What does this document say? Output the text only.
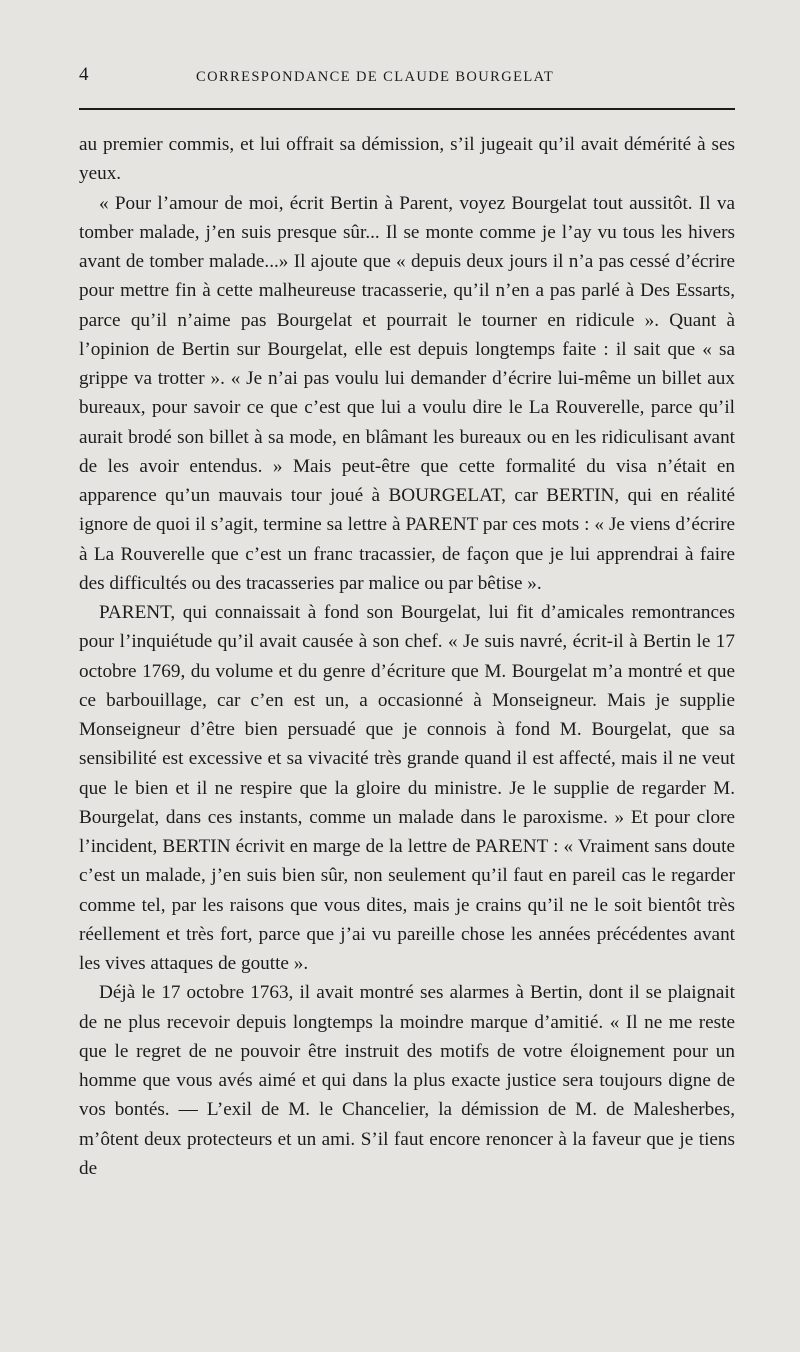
4	CORRESPONDANCE DE CLAUDE BOURGELAT

au premier commis, et lui offrait sa démission, s’il jugeait qu’il avait démérité à ses yeux.

« Pour l’amour de moi, écrit Bertin à Parent, voyez Bourgelat tout aussitôt. Il va tomber malade, j’en suis presque sûr... Il se monte comme je l’ay vu tous les hivers avant de tomber malade...» Il ajoute que « depuis deux jours il n’a pas cessé d’écrire pour mettre fin à cette malheureuse tracasserie, qu’il n’en a pas parlé à Des Essarts, parce qu’il n’aime pas Bourgelat et pourrait le tourner en ridicule ». Quant à l’opinion de Bertin sur Bourgelat, elle est depuis longtemps faite : il sait que « sa grippe va trotter ». « Je n’ai pas voulu lui demander d’écrire lui-même un billet aux bureaux, pour savoir ce que c’est que lui a voulu dire le La Rouverelle, parce qu’il aurait brodé son billet à sa mode, en blâmant les bureaux ou en les ridiculisant avant de les avoir entendus. » Mais peut-être que cette formalité du visa n’était en apparence qu’un mauvais tour joué à BOURGELAT, car BERTIN, qui en réalité ignore de quoi il s’agit, termine sa lettre à PARENT par ces mots : « Je viens d’écrire à La Rouverelle que c’est un franc tracassier, de façon que je lui apprendrai à faire des difficultés ou des tracasseries par malice ou par bêtise ».

PARENT, qui connaissait à fond son Bourgelat, lui fit d’amicales remontrances pour l’inquiétude qu’il avait causée à son chef. « Je suis navré, écrit-il à Bertin le 17 octobre 1769, du volume et du genre d’écriture que M. Bourgelat m’a montré et que ce barbouillage, car c’en est un, a occasionné à Monseigneur. Mais je supplie Monseigneur d’être bien persuadé que je connois à fond M. Bourgelat, que sa sensibilité est excessive et sa vivacité très grande quand il est affecté, mais il ne veut que le bien et il ne respire que la gloire du ministre. Je le supplie de regarder M. Bourgelat, dans ces instants, comme un malade dans le paroxisme. » Et pour clore l’incident, BERTIN écrivit en marge de la lettre de PARENT : « Vraiment sans doute c’est un malade, j’en suis bien sûr, non seulement qu’il faut en pareil cas le regarder comme tel, par les raisons que vous dites, mais je crains qu’il ne le soit bientôt très réellement et très fort, parce que j’ai vu pareille chose les années précédentes avant les vives attaques de goutte ».

Déjà le 17 octobre 1763, il avait montré ses alarmes à Bertin, dont il se plaignait de ne plus recevoir depuis longtemps la moindre marque d’amitié. « Il ne me reste que le regret de ne pouvoir être instruit des motifs de votre éloignement pour un homme que vous avés aimé et qui dans la plus exacte justice sera toujours digne de vos bontés. — L’exil de M. le Chancelier, la démission de M. de Malesherbes, m’ôtent deux protecteurs et un ami. S’il faut encore renoncer à la faveur que je tiens de
